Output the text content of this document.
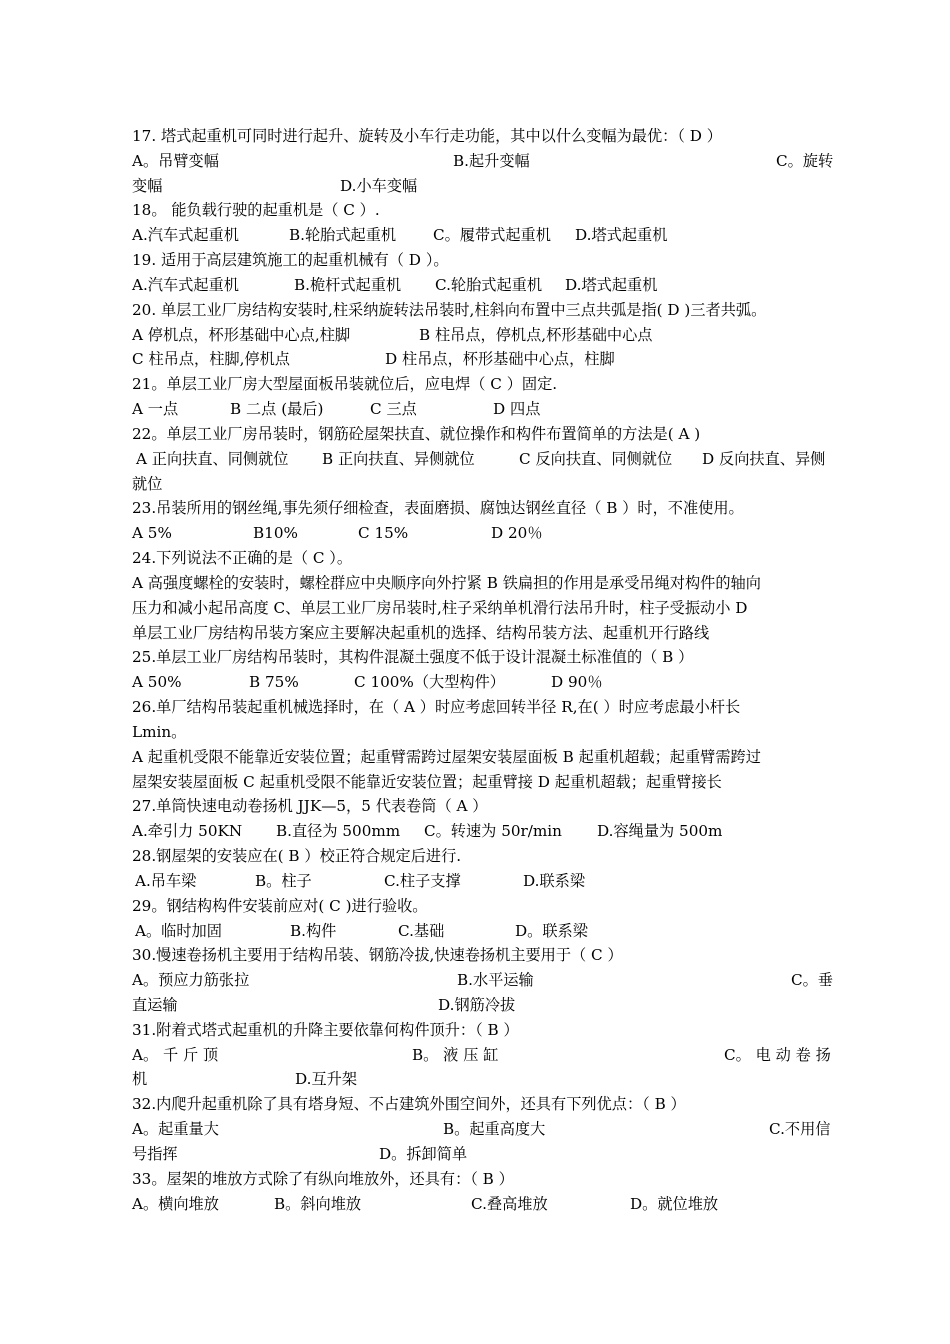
17. 塔式起重机可同时进行起升、旋转及小车行走功能，其中以什么变幅为最优：（ D ）
A。吊臂变幅	B.起升变幅	C。旋转
变幅	D.小车变幅
18。 能负载行驶的起重机是（ C ）.
A.汽车式起重机	B.轮胎式起重机 C。履带式起重机 D.塔式起重机
19. 适用于高层建筑施工的起重机械有（ D ）。
A.汽车式起重机	B.桅杆式起重机 C.轮胎式起重机 D.塔式起重机
20. 单层工业厂房结构安装时,柱采纳旋转法吊装时,柱斜向布置中三点共弧是指( D )三者共弧。
A 停机点，杯形基础中心点,柱脚	B 柱吊点，停机点,杯形基础中心点
C 柱吊点，柱脚,停机点	D 柱吊点，杯形基础中心点，柱脚
21。单层工业厂房大型屋面板吊装就位后，应电焊（ C ）固定.
A 一点	B 二点 (最后)	C 三点	D 四点
22。单层工业厂房吊装时，钢筋砼屋架扶直、就位操作和构件布置简单的方法是( A )
A 正向扶直、同侧就位 B 正向扶直、异侧就位	C 反向扶直、同侧就位 D 反向扶直、异侧
就位
23.吊装所用的钢丝绳,事先须仔细检查，表面磨损、腐蚀达钢丝直径（ B ）时，不准使用。
A 5%	B10%	C 15%	D 20％
24.下列说法不正确的是（ C ）。
A 高强度螺栓的安装时，螺栓群应中央顺序向外拧紧 B 铁扁担的作用是承受吊绳对构件的轴向
压力和减小起吊高度 C、单层工业厂房吊装时,柱子采纳单机滑行法吊升时，柱子受振动小 D
单层工业厂房结构吊装方案应主要解决起重机的选择、结构吊装方法、起重机开行路线
25.单层工业厂房结构吊装时，其构件混凝土强度不低于设计混凝土标准值的（ B ）
A 50%	B 75%	C 100%（大型构件）	D 90％
26.单厂结构吊装起重机械选择时，在（ A ）时应考虑回转半径 R,在( ）时应考虑最小杆长
Lmin。
A 起重机受限不能靠近安装位置；起重臂需跨过屋架安装屋面板 B 起重机超载；起重臂需跨过
屋架安装屋面板 C 起重机受限不能靠近安装位置；起重臂接 D 起重机超载；起重臂接长
27.单筒快速电动卷扬机 JJK—5，5 代表卷筒（ A ）
A.牵引力 50KN B.直径为 500mm C。转速为 50r/min D.容绳量为 500m
28.钢屋架的安装应在( B ）校正符合规定后进行.
A.吊车梁	B。柱子	C.柱子支撑	D.联系梁
29。钢结构构件安装前应对( C )进行验收。
A。临时加固	B.构件	C.基础	D。联系梁
30.慢速卷扬机主要用于结构吊装、钢筋冷拔,快速卷扬机主要用于（ C ）
A。预应力筋张拉	B.水平运输	C。垂
直运输	D.钢筋冷拔
31.附着式塔式起重机的升降主要依靠何构件顶升：（ B ）
A。 千 斤 顶	B。 液 压 缸	C。 电 动 卷 扬
机	D.互升架
32.内爬升起重机除了具有塔身短、不占建筑外围空间外，还具有下列优点：（ B ）
A。起重量大	B。起重高度大	C.不用信
号指挥	D。拆卸简单
33。屋架的堆放方式除了有纵向堆放外，还具有：（ B ）
A。横向堆放	B。斜向堆放	C.叠高堆放	D。就位堆放
